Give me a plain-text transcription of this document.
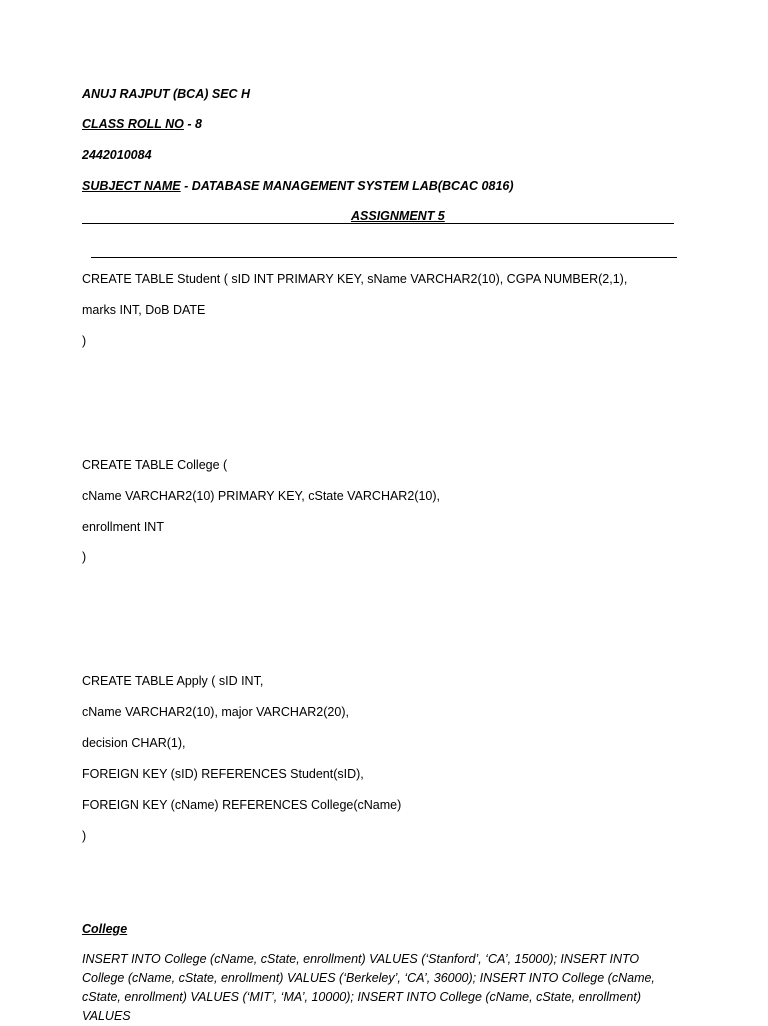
ANUJ RAJPUT (BCA) SEC H
CLASS ROLL NO - 8
2442010084
SUBJECT NAME - DATABASE MANAGEMENT SYSTEM LAB(BCAC 0816)
ASSIGNMENT 5
CREATE TABLE Student ( sID INT PRIMARY KEY, sName VARCHAR2(10), CGPA NUMBER(2,1),
marks INT, DoB DATE
)
CREATE TABLE College (
cName VARCHAR2(10) PRIMARY KEY, cState VARCHAR2(10),
enrollment INT
)
CREATE TABLE Apply ( sID INT,
cName VARCHAR2(10), major VARCHAR2(20),
decision CHAR(1),
FOREIGN KEY (sID) REFERENCES Student(sID),
FOREIGN KEY (cName) REFERENCES College(cName)
)
College
INSERT INTO College (cName, cState, enrollment) VALUES (‘Stanford’, ‘CA’, 15000); INSERT INTO College (cName, cState, enrollment) VALUES (‘Berkeley’, ‘CA’, 36000); INSERT INTO College (cName, cState, enrollment) VALUES (‘MIT’, ‘MA’, 10000); INSERT INTO College (cName, cState, enrollment) VALUES
